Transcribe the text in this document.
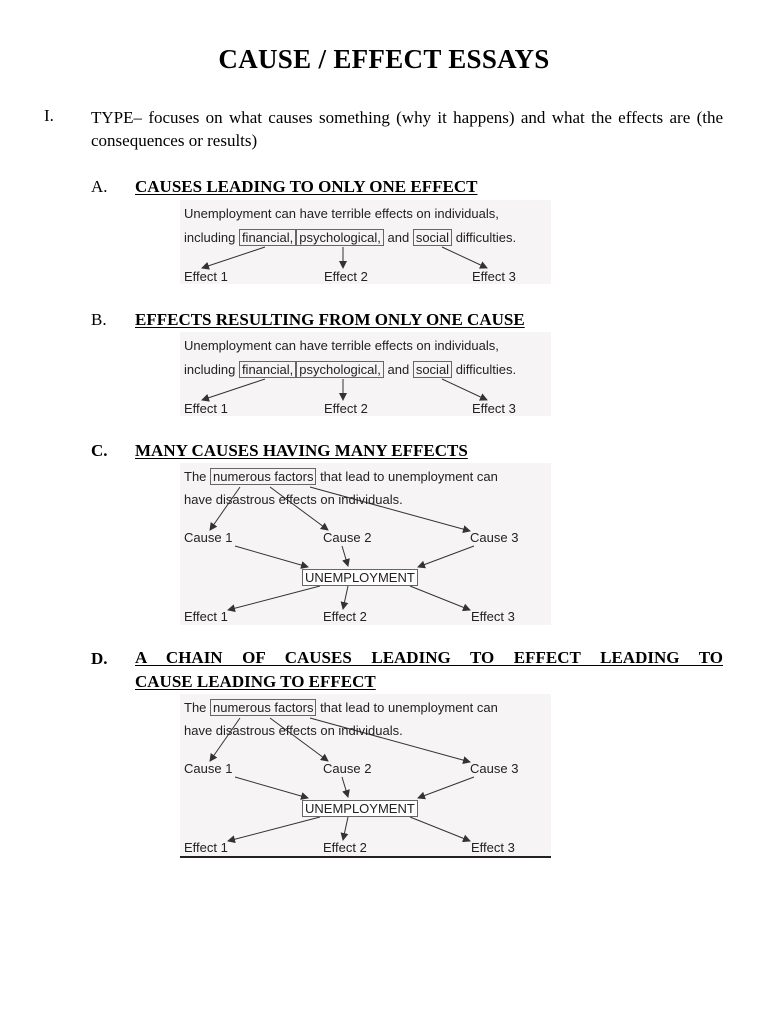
CAUSE / EFFECT ESSAYS
I. TYPE– focuses on what causes something (why it happens) and what the effects are (the consequences or results)
A. CAUSES LEADING TO ONLY ONE EFFECT
Unemployment can have terrible effects on individuals,
including financial, psychological, and social difficulties.
Effect 1	Effect 2	Effect 3
B. EFFECTS RESULTING FROM ONLY ONE CAUSE
Unemployment can have terrible effects on individuals,
including financial, psychological, and social difficulties.
Effect 1	Effect 2	Effect 3
C. MANY CAUSES HAVING MANY EFFECTS
The numerous factors that lead to unemployment can
have disastrous effects on individuals.
Cause 1	Cause 2	Cause 3
UNEMPLOYMENT
Effect 1	Effect 2	Effect 3
D. A CHAIN OF CAUSES LEADING TO EFFECT LEADING TO
CAUSE LEADING TO EFFECT
The numerous factors that lead to unemployment can
have disastrous effects on individuals.
Cause 1	Cause 2	Cause 3
UNEMPLOYMENT
Effect 1	Effect 2	Effect 3
